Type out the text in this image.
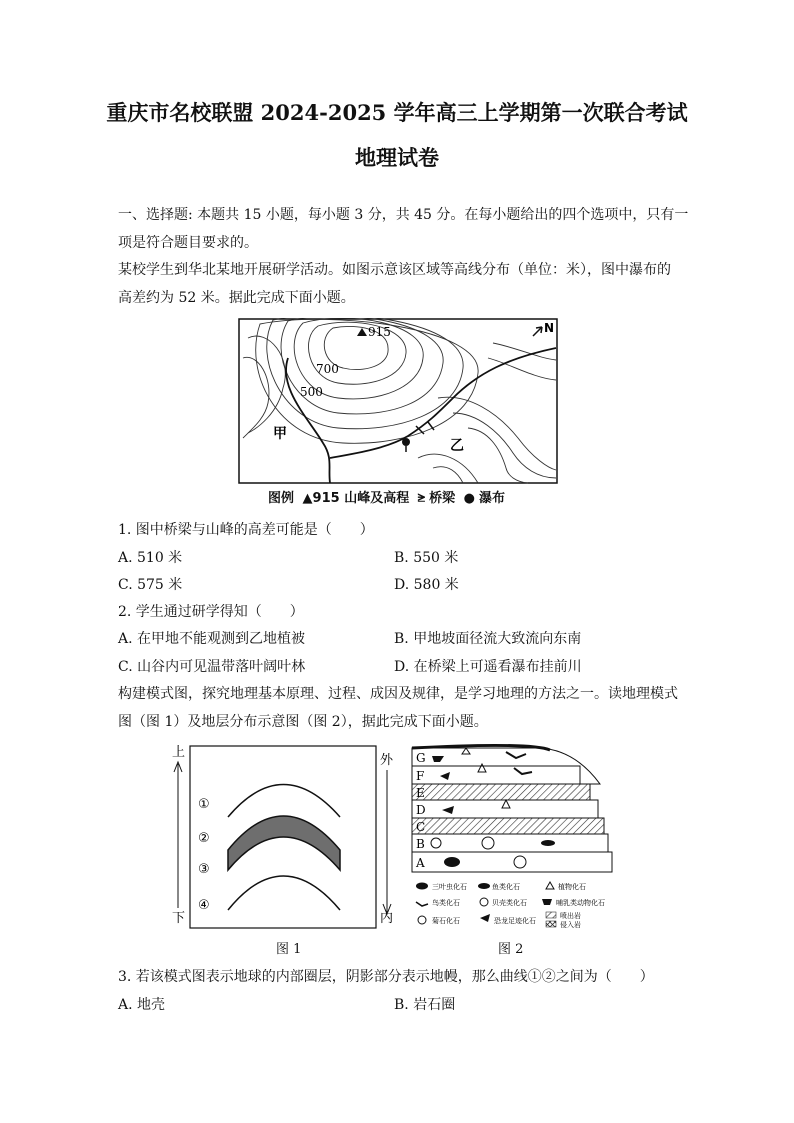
重庆市名校联盟 2024-2025 学年高三上学期第一次联合考试
地理试卷
一、选择题: 本题共 15 小题，每小题 3 分，共 45 分。在每小题给出的四个选项中，只有一
项是符合题目要求的。
某校学生到华北某地开展研学活动。如图示意该区域等高线分布（单位：米），图中瀑布的
高差约为 52 米。据此完成下面小题。
915
700
500
甲
乙
N
图例 ▲915 山峰及高程 ⪭ 桥梁 ● 瀑布
1. 图中桥梁与山峰的高差可能是（　　）
A. 510 米	B. 550 米
C. 575 米	D. 580 米
2. 学生通过研学得知（　　）
A. 在甲地不能观测到乙地植被	B. 甲地坡面径流大致流向东南
C. 山谷内可见温带落叶阔叶林	D. 在桥梁上可遥看瀑布挂前川
构建模式图，探究地理基本原理、过程、成因及规律，是学习地理的方法之一。读地理模式
图（图 1）及地层分布示意图（图 2），据此完成下面小题。
上
下
外
内
①
②
③
④
图 1
G
F
E
D
C
B
A
三叶虫化石	鱼类化石	植物化石
鸟类化石	贝壳类化石	哺乳类动物化石
菊石化石	恐龙足迹化石
喷出岩
侵入岩
图 2
3. 若该模式图表示地球的内部圈层，阴影部分表示地幔，那么曲线①②之间为（　　）
A. 地壳	B. 岩石圈
